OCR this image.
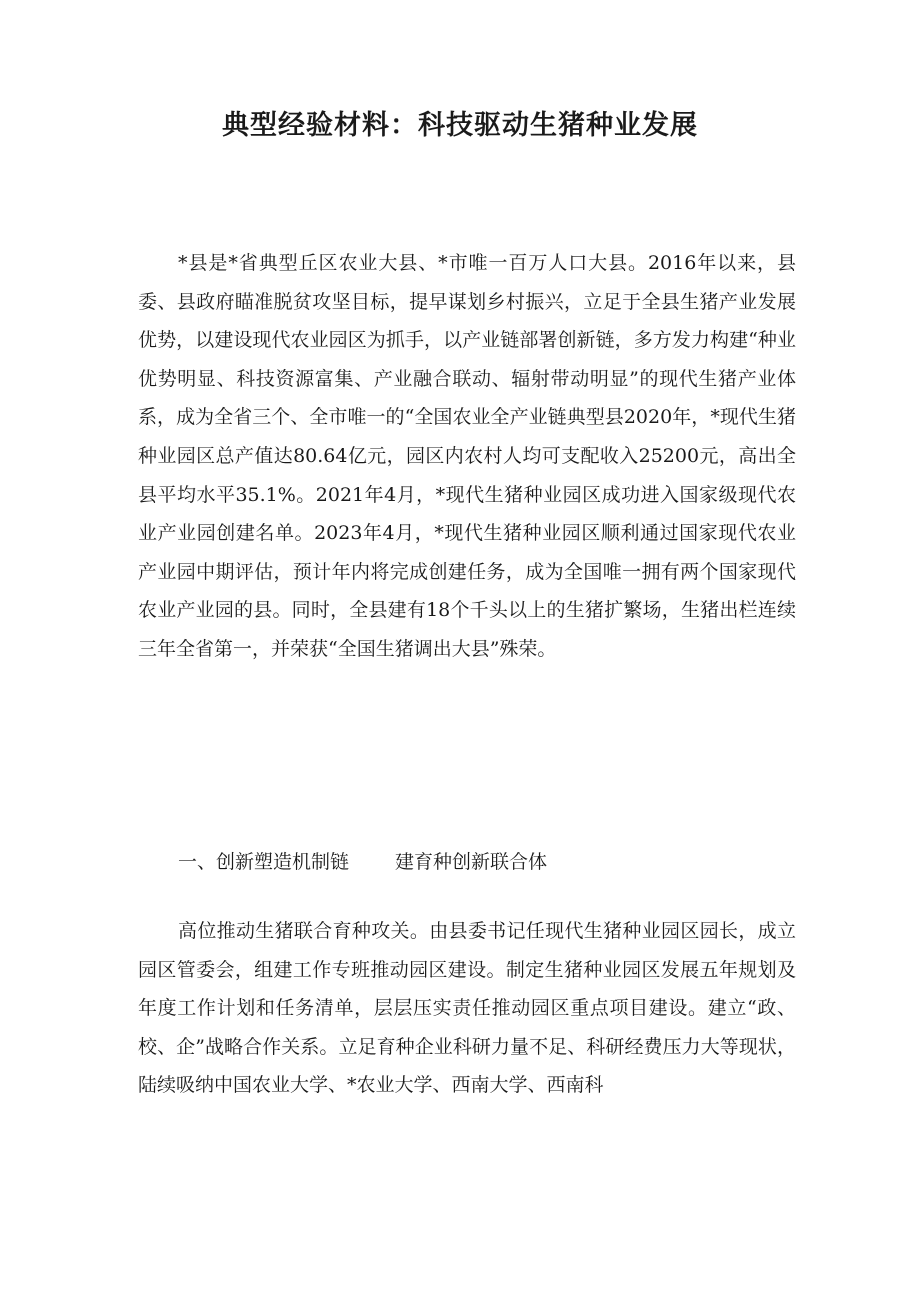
典型经验材料：科技驱动生猪种业发展

*县是*省典型丘区农业大县、*市唯一百万人口大县。2016年以来，县委、县政府瞄准脱贫攻坚目标，提早谋划乡村振兴，立足于全县生猪产业发展优势，以建设现代农业园区为抓手，以产业链部署创新链，多方发力构建“种业优势明显、科技资源富集、产业融合联动、辐射带动明显”的现代生猪产业体系，成为全省三个、全市唯一的“全国农业全产业链典型县2020年，*现代生猪种业园区总产值达80.64亿元，园区内农村人均可支配收入25200元，高出全县平均水平35.1%。2021年4月，*现代生猪种业园区成功进入国家级现代农业产业园创建名单。2023年4月，*现代生猪种业园区顺利通过国家现代农业产业园中期评估，预计年内将完成创建任务，成为全国唯一拥有两个国家现代农业产业园的县。同时，全县建有18个千头以上的生猪扩繁场，生猪出栏连续三年全省第一，并荣获“全国生猪调出大县”殊荣。

一、创新塑造机制链 建育种创新联合体

高位推动生猪联合育种攻关。由县委书记任现代生猪种业园区园长，成立园区管委会，组建工作专班推动园区建设。制定生猪种业园区发展五年规划及年度工作计划和任务清单，层层压实责任推动园区重点项目建设。建立“政、校、企”战略合作关系。立足育种企业科研力量不足、科研经费压力大等现状，陆续吸纳中国农业大学、*农业大学、西南大学、西南科
